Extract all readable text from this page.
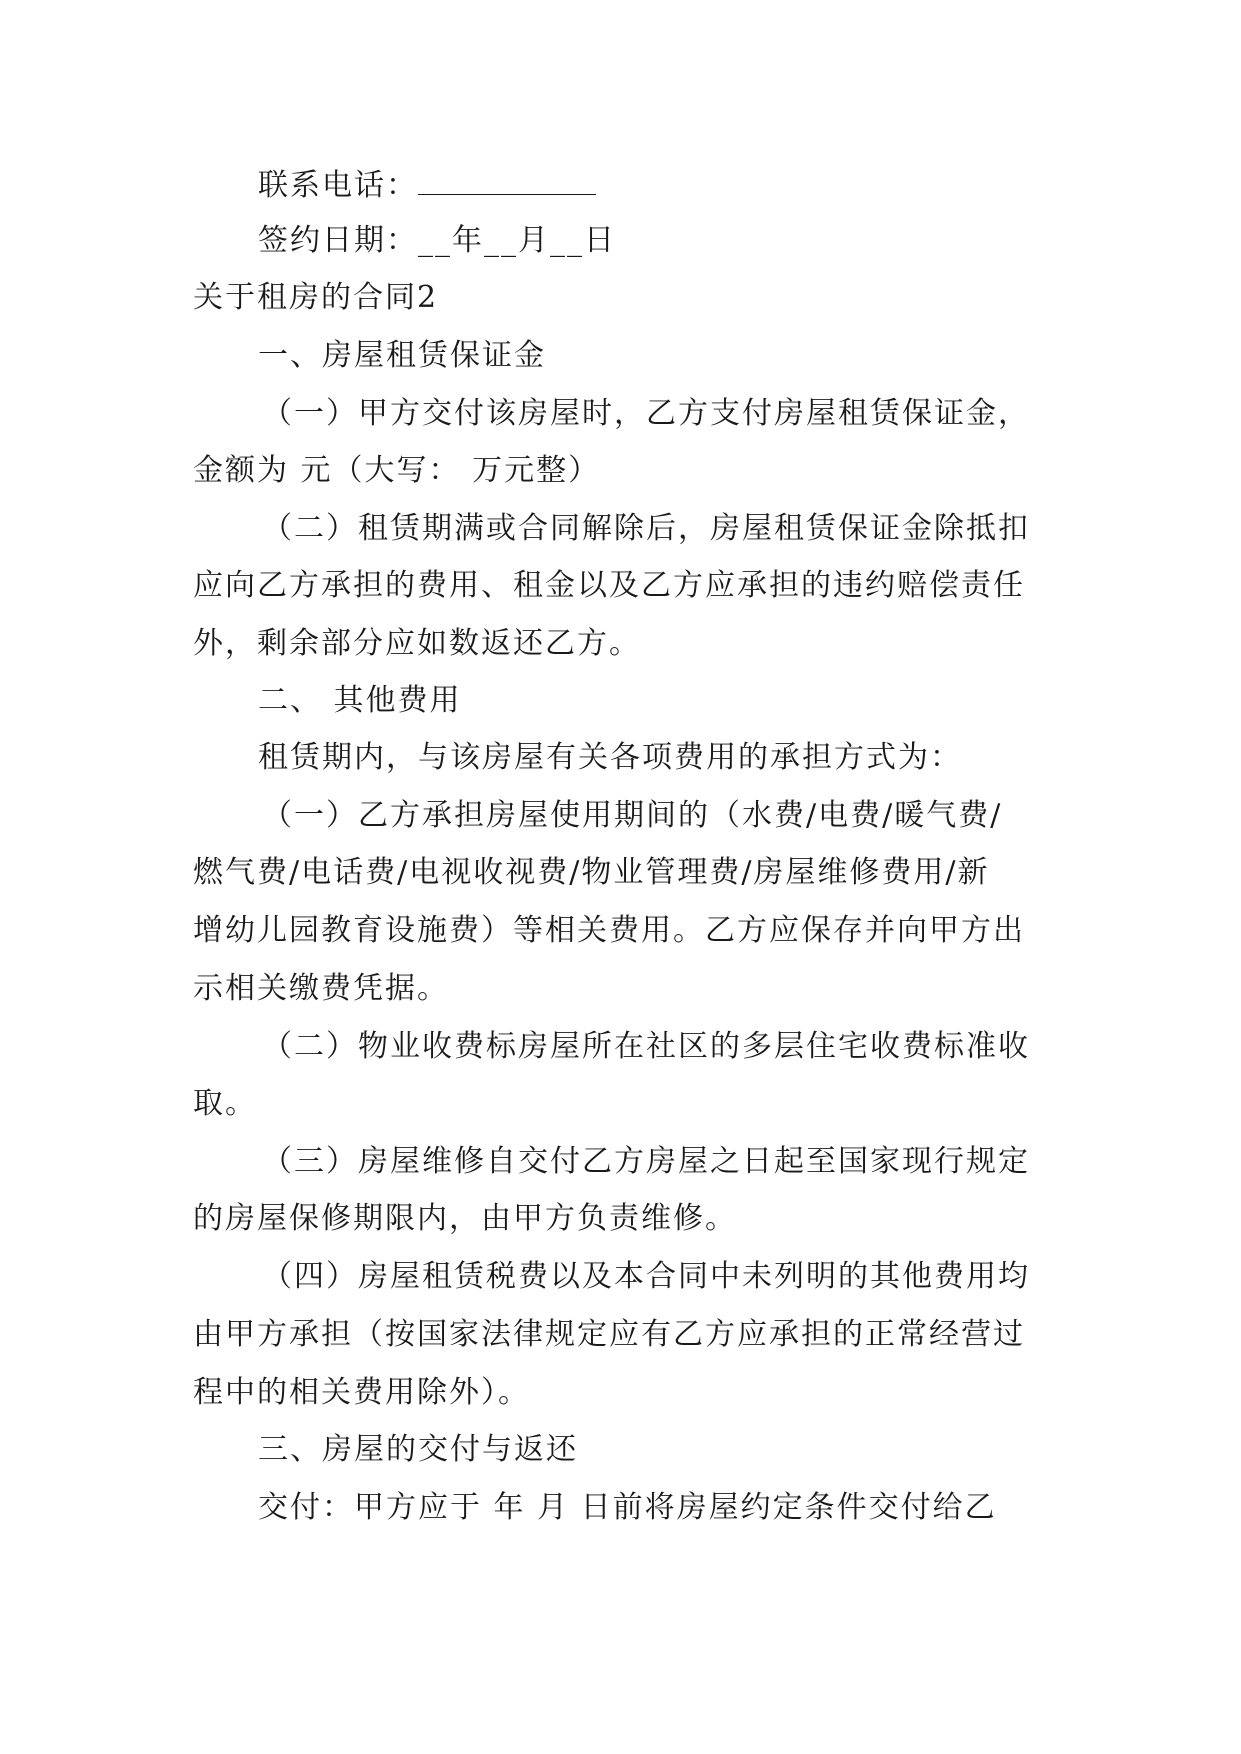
联系电话：
签约日期：__年__月__日
关于租房的合同2
一、房屋租赁保证金
（一）甲方交付该房屋时，乙方支付房屋租赁保证金，
金额为 元（大写： 万元整）
（二）租赁期满或合同解除后，房屋租赁保证金除抵扣
应向乙方承担的费用、租金以及乙方应承担的违约赔偿责任
外，剩余部分应如数返还乙方。
二、 其他费用
租赁期内，与该房屋有关各项费用的承担方式为：
（一）乙方承担房屋使用期间的（水费/电费/暖气费/
燃气费/电话费/电视收视费/物业管理费/房屋维修费用/新
增幼儿园教育设施费）等相关费用。乙方应保存并向甲方出
示相关缴费凭据。
（二）物业收费标房屋所在社区的多层住宅收费标准收
取。
（三）房屋维修自交付乙方房屋之日起至国家现行规定
的房屋保修期限内，由甲方负责维修。
（四）房屋租赁税费以及本合同中未列明的其他费用均
由甲方承担（按国家法律规定应有乙方应承担的正常经营过
程中的相关费用除外）。
三、房屋的交付与返还
交付：甲方应于 年 月 日前将房屋约定条件交付给乙
